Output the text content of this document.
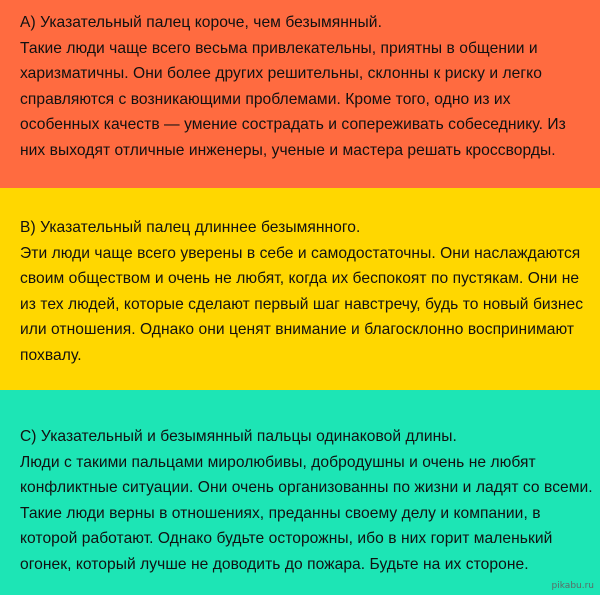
A) Указательный палец короче, чем безымянный.
Такие люди чаще всего весьма привлекательны, приятны в общении и
харизматичны. Они более других решительны, склонны к риску и легко
справляются с возникающими проблемами. Кроме того, одно из их
особенных качеств — умение сострадать и сопереживать собеседнику. Из
них выходят отличные инженеры, ученые и мастера решать кроссворды.
B) Указательный палец длиннее безымянного.
Эти люди чаще всего уверены в себе и самодостаточны. Они наслаждаются
своим обществом и очень не любят, когда их беспокоят по пустякам. Они не
из тех людей, которые сделают первый шаг навстречу, будь то новый бизнес
или отношения. Однако они ценят внимание и благосклонно воспринимают
похвалу.
C) Указательный и безымянный пальцы одинаковой длины.
Люди с такими пальцами миролюбивы, добродушны и очень не любят
конфликтные ситуации. Они очень организованны по жизни и ладят со всеми.
Такие люди верны в отношениях, преданны своему делу и компании, в
которой работают. Однако будьте осторожны, ибо в них горит маленький
огонек, который лучше не доводить до пожара. Будьте на их стороне.
pikabu.ru
